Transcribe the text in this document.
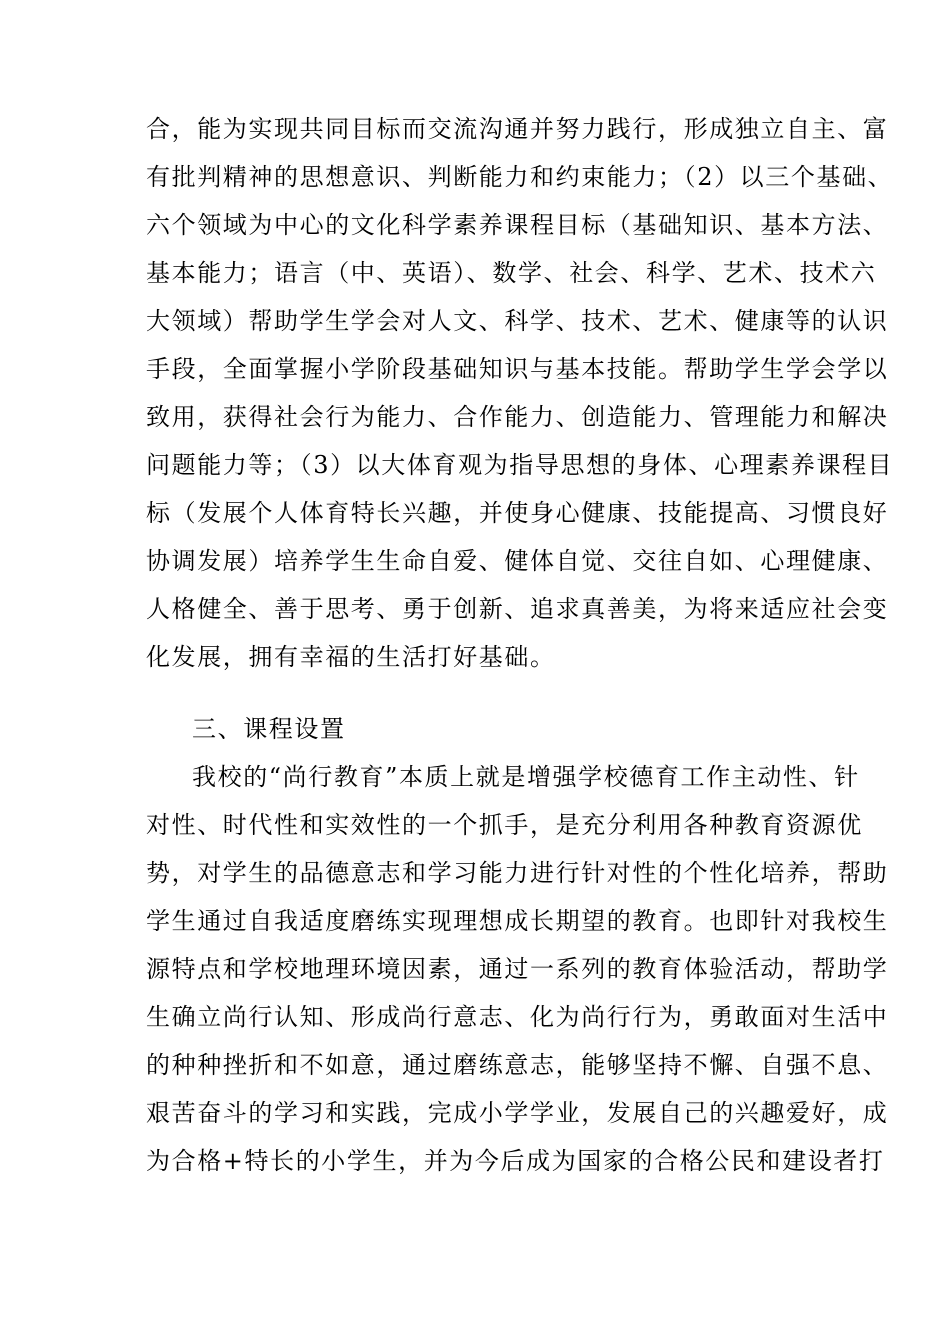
合，能为实现共同目标而交流沟通并努力践行，形成独立自主、富
有批判精神的思想意识、判断能力和约束能力；（2）以三个基础、
六个领域为中心的文化科学素养课程目标（基础知识、基本方法、
基本能力；语言（中、英语）、数学、社会、科学、艺术、技术六
大领域）帮助学生学会对人文、科学、技术、艺术、健康等的认识
手段，全面掌握小学阶段基础知识与基本技能。帮助学生学会学以
致用，获得社会行为能力、合作能力、创造能力、管理能力和解决
问题能力等；（3）以大体育观为指导思想的身体、心理素养课程目
标（发展个人体育特长兴趣，并使身心健康、技能提高、习惯良好
协调发展）培养学生生命自爱、健体自觉、交往自如、心理健康、
人格健全、善于思考、勇于创新、追求真善美，为将来适应社会变
化发展，拥有幸福的生活打好基础。
三、课程设置
我校的“尚行教育”本质上就是增强学校德育工作主动性、针
对性、时代性和实效性的一个抓手，是充分利用各种教育资源优
势，对学生的品德意志和学习能力进行针对性的个性化培养，帮助
学生通过自我适度磨练实现理想成长期望的教育。也即针对我校生
源特点和学校地理环境因素，通过一系列的教育体验活动，帮助学
生确立尚行认知、形成尚行意志、化为尚行行为，勇敢面对生活中
的种种挫折和不如意，通过磨练意志，能够坚持不懈、自强不息、
艰苦奋斗的学习和实践，完成小学学业，发展自己的兴趣爱好，成
为合格+特长的小学生，并为今后成为国家的合格公民和建设者打
